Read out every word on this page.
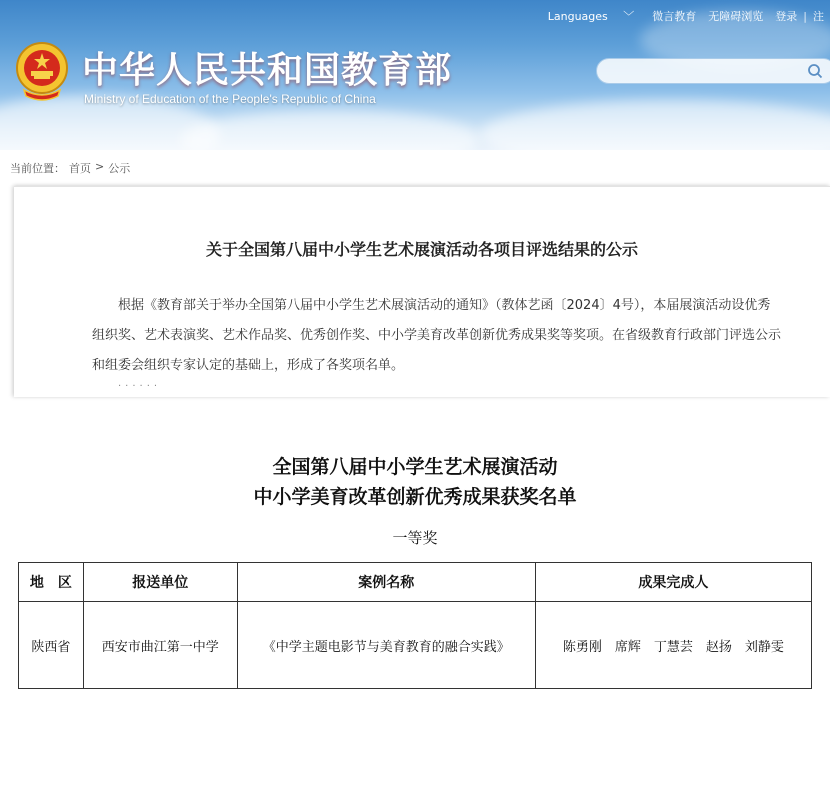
中华人民共和国教育部
Ministry of Education of the People's Republic of China
Languages ﹀	微言教育	无障碍浏览	登录 | 注
当前位置： 首页 > 公示
关于全国第八届中小学生艺术展演活动各项目评选结果的公示

根据《教育部关于举办全国第八届中小学生艺术展演活动的通知》（教体艺函〔2024〕4号），本届展演活动设优秀组织奖、艺术表演奖、艺术作品奖、优秀创作奖、中小学美育改革创新优秀成果奖等奖项。在省级教育行政部门评选公示和组委会组织专家认定的基础上，形成了各奖项名单。

······
全国第八届中小学生艺术展演活动
中小学美育改革创新优秀成果获奖名单
一等奖
地　区	报送单位	案例名称	成果完成人
陕西省	西安市曲江第一中学	《中学主题电影节与美育教育的融合实践》	陈勇刚　席辉　丁慧芸　赵扬　刘静雯
